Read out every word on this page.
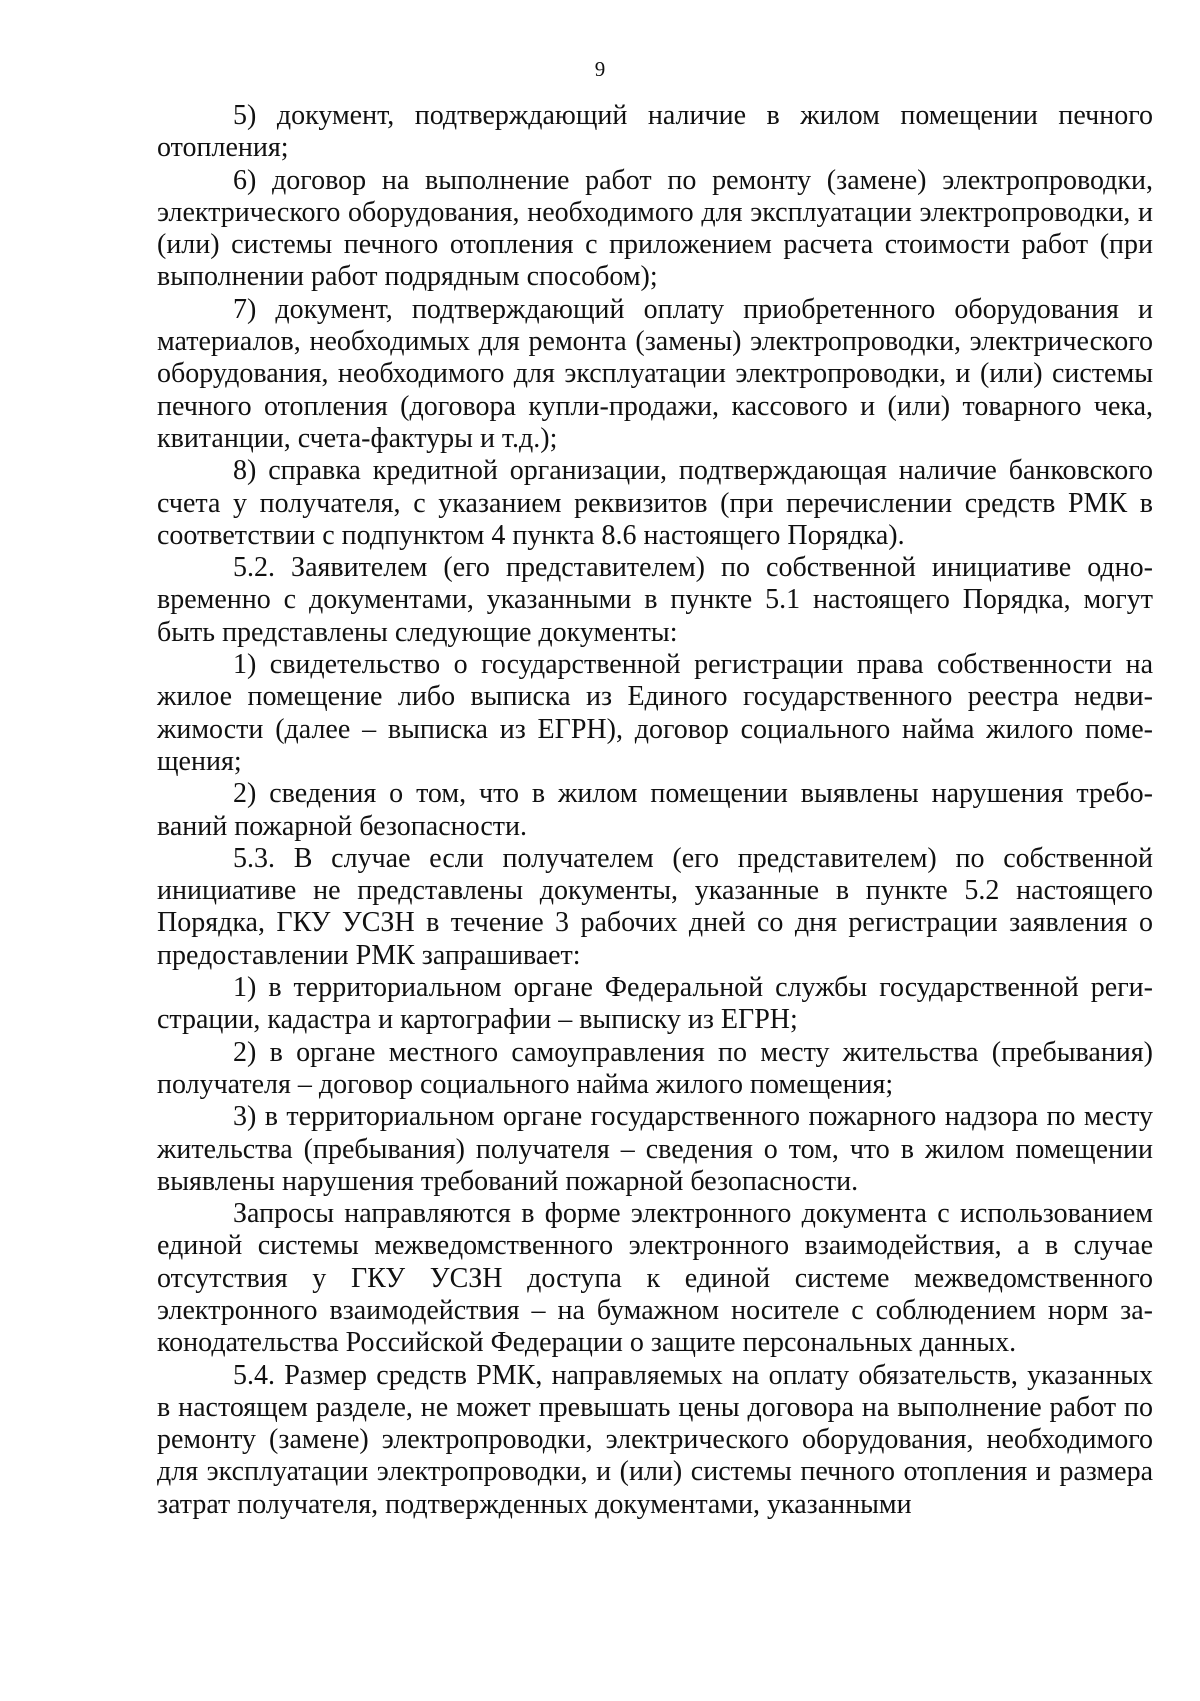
9

5) документ, подтверждающий наличие в жилом помещении печного отопления;

6) договор на выполнение работ по ремонту (замене) электропроводки, электрического оборудования, необходимого для эксплуатации электропроводки, и (или) системы печного отопления с приложением расчета стоимости работ (при выполнении работ подрядным способом);

7) документ, подтверждающий оплату приобретенного оборудования и материалов, необходимых для ремонта (замены) электропроводки, электрического оборудования, необходимого для эксплуатации электропроводки, и (или) системы печного отопления (договора купли-продажи, кассового и (или) товарного чека, квитанции, счета-фактуры и т.д.);

8) справка кредитной организации, подтверждающая наличие банковского счета у получателя, с указанием реквизитов (при перечислении средств РМК в соответствии с подпунктом 4 пункта 8.6 настоящего Порядка).

5.2. Заявителем (его представителем) по собственной инициативе одновременно с документами, указанными в пункте 5.1 настоящего Порядка, могут быть представлены следующие документы:

1) свидетельство о государственной регистрации права собственности на жилое помещение либо выписка из Единого государственного реестра недвижимости (далее – выписка из ЕГРН), договор социального найма жилого помещения;

2) сведения о том, что в жилом помещении выявлены нарушения требований пожарной безопасности.

5.3. В случае если получателем (его представителем) по собственной инициативе не представлены документы, указанные в пункте 5.2 настоящего Порядка, ГКУ УСЗН в течение 3 рабочих дней со дня регистрации заявления о предоставлении РМК запрашивает:

1) в территориальном органе Федеральной службы государственной регистрации, кадастра и картографии – выписку из ЕГРН;

2) в органе местного самоуправления по месту жительства (пребывания) получателя – договор социального найма жилого помещения;

3) в территориальном органе государственного пожарного надзора по месту жительства (пребывания) получателя – сведения о том, что в жилом помещении выявлены нарушения требований пожарной безопасности.

Запросы направляются в форме электронного документа с использованием единой системы межведомственного электронного взаимодействия, а в случае отсутствия у ГКУ УСЗН доступа к единой системе межведомственного электронного взаимодействия – на бумажном носителе с соблюдением норм законодательства Российской Федерации о защите персональных данных.

5.4. Размер средств РМК, направляемых на оплату обязательств, указанных в настоящем разделе, не может превышать цены договора на выполнение работ по ремонту (замене) электропроводки, электрического оборудования, необходимого для эксплуатации электропроводки, и (или) системы печного отопления и размера затрат получателя, подтвержденных документами, указанными
